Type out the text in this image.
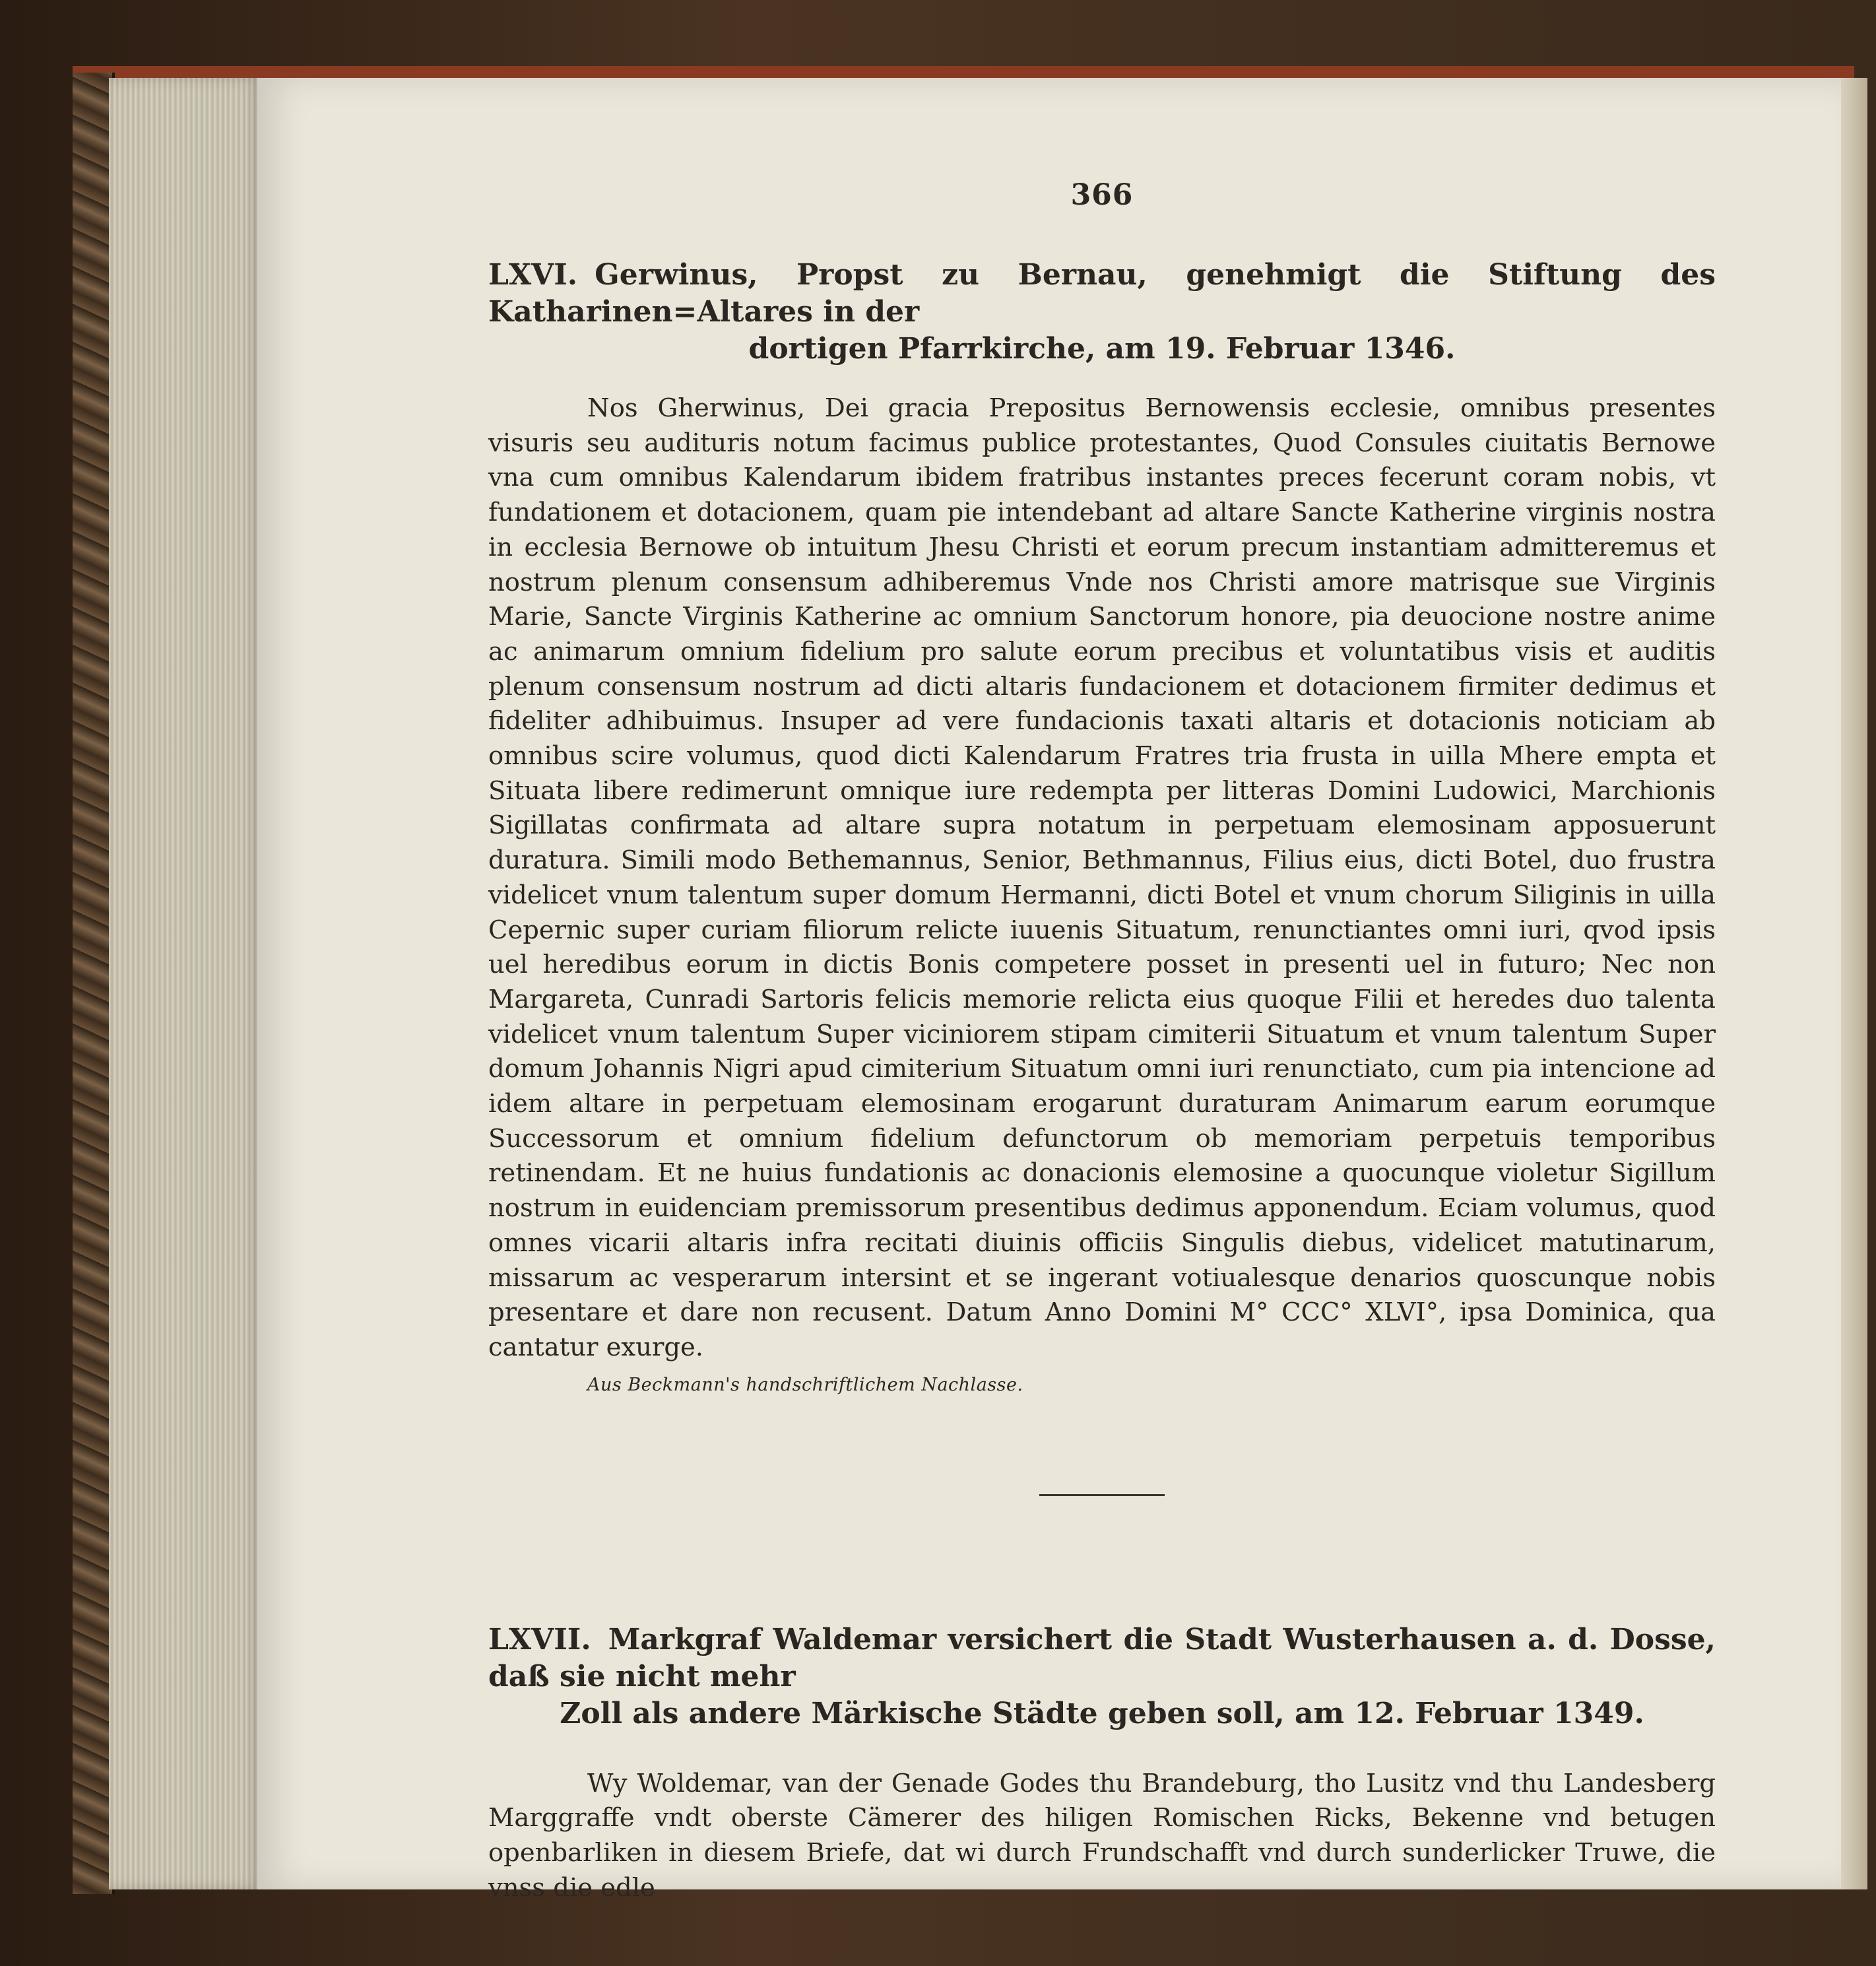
366
LXVI. Gerwinus, Propst zu Bernau, genehmigt die Stiftung des Katharinen=Altares in der
dortigen Pfarrkirche, am 19. Februar 1346.

Nos Gherwinus, Dei gracia Prepositus Bernowensis ecclesie, omnibus presentes visuris seu audituris notum facimus publice protestantes, Quod Consules ciuitatis Bernowe vna cum omnibus Kalendarum ibidem fratribus instantes preces fecerunt coram nobis, vt fundationem et dotacionem, quam pie intendebant ad altare Sancte Katherine virginis nostra in ecclesia Bernowe ob intuitum Jhesu Christi et eorum precum instantiam admitteremus et nostrum plenum consensum adhiberemus Vnde nos Christi amore matrisque sue Virginis Marie, Sancte Virginis Katherine ac omnium Sanctorum honore, pia deuocione nostre anime ac animarum omnium fidelium pro salute eorum precibus et voluntatibus visis et auditis plenum consensum nostrum ad dicti altaris fundacionem et dotacionem firmiter dedimus et fideliter adhibuimus. Insuper ad vere fundacionis taxati altaris et dotacionis noticiam ab omnibus scire volumus, quod dicti Kalendarum Fratres tria frusta in uilla Mhere empta et Situata libere redimerunt omnique iure redempta per litteras Domini Ludowici, Marchionis Sigillatas confirmata ad altare supra notatum in perpetuam elemosinam apposuerunt duratura. Simili modo Bethemannus, Senior, Bethmannus, Filius eius, dicti Botel, duo frustra videlicet vnum talentum super domum Hermanni, dicti Botel et vnum chorum Siliginis in uilla Cepernic super curiam filiorum relicte iuuenis Situatum, renunctiantes omni iuri, qvod ipsis uel heredibus eorum in dictis Bonis competere posset in presenti uel in futuro; Nec non Margareta, Cunradi Sartoris felicis memorie relicta eius quoque Filii et heredes duo talenta videlicet vnum talentum Super viciniorem stipam cimiterii Situatum et vnum talentum Super domum Johannis Nigri apud cimiterium Situatum omni iuri renunctiato, cum pia intencione ad idem altare in perpetuam elemosinam erogarunt duraturam Animarum earum eorumque Successorum et omnium fidelium defunctorum ob memoriam perpetuis temporibus retinendam. Et ne huius fundationis ac donacionis elemosine a quocunque violetur Sigillum nostrum in euidenciam premissorum presentibus dedimus apponendum. Eciam volumus, quod omnes vicarii altaris infra recitati diuinis officiis Singulis diebus, videlicet matutinarum, missarum ac vesperarum intersint et se ingerant votiualesque denarios quoscunque nobis presentare et dare non recusent. Datum Anno Domini M° CCC° XLVI°, ipsa Dominica, qua cantatur exurge.

Aus Beckmann's handschriftlichem Nachlasse.
LXVII. Markgraf Waldemar versichert die Stadt Wusterhausen a. d. Dosse, daß sie nicht mehr
Zoll als andere Märkische Städte geben soll, am 12. Februar 1349.

Wy Woldemar, van der Genade Godes thu Brandeburg, tho Lusitz vnd thu Landesberg Marggraffe vndt oberste Cämerer des hiligen Romischen Ricks, Bekenne vnd betugen openbarliken in diesem Briefe, dat wi durch Frundschafft vnd durch sunderlicker Truwe, die vnss die edle
